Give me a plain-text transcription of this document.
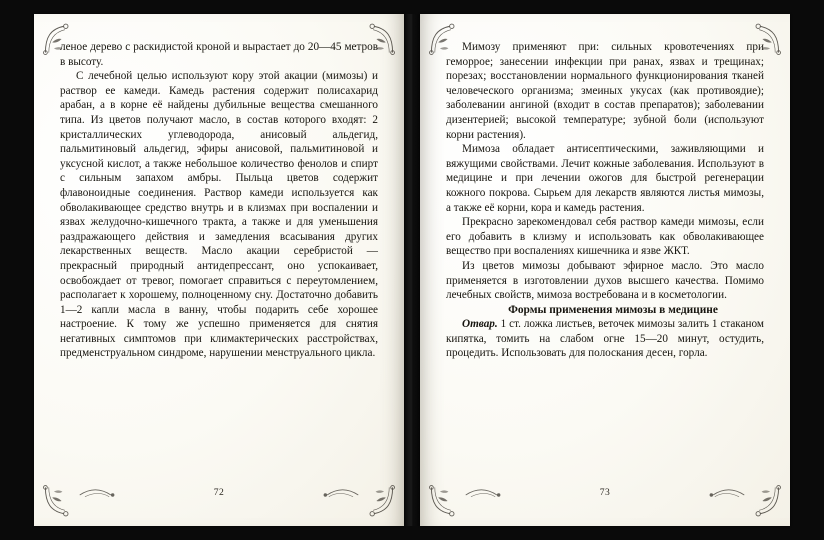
леное дерево с раскидистой кроной и вырастает до 20—45 метров в высоту.

С лечебной целью используют кору этой акации (мимозы) и раствор ее камеди. Камедь растения содержит полисахарид арабан, а в корне её найдены дубильные вещества смешанного типа. Из цветов получают масло, в состав которого входят: 2 кристаллических углеводорода, анисовый альдегид, пальмитиновый альдегид, эфиры анисовой, пальмитиновой и уксусной кислот, а также небольшое количество фенолов и спирт с сильным запахом амбры. Пыльца цветов содержит флавоноидные соединения. Раствор камеди используется как обволакивающее средство внутрь и в клизмах при воспалении и язвах желудочно-кишечного тракта, а также и для уменьшения раздражающего действия и замедления всасывания других лекарственных веществ. Масло акации серебристой — прекрасный природный антидепрессант, оно успокаивает, освобождает от тревог, помогает справиться с переутомлением, располагает к хорошему, полноценному сну. Достаточно добавить 1—2 капли масла в ванну, чтобы подарить себе хорошее настроение. К тому же успешно применяется для снятия негативных симптомов при климактерических расстройствах, предменструальном синдроме, нарушении менструального цикла.

72

Мимозу применяют при: сильных кровотечениях при геморрое; занесении инфекции при ранах, язвах и трещинах; порезах; восстановлении нормального функционирования тканей человеческого организма; змеиных укусах (как противоядие); заболевании ангиной (входит в состав препаратов); заболевании дизентерией; высокой температуре; зубной боли (используют корни растения).

Мимоза обладает антисептическими, заживляющими и вяжущими свойствами. Лечит кожные заболевания. Используют в медицине и при лечении ожогов для быстрой регенерации кожного покрова. Сырьем для лекарств являются листья мимозы, а также её корни, кора и камедь растения.

Прекрасно зарекомендовал себя раствор камеди мимозы, если его добавить в клизму и использовать как обволакивающее вещество при воспалениях кишечника и язве ЖКТ.

Из цветов мимозы добывают эфирное масло. Это масло применяется в изготовлении духов высшего качества. Помимо лечебных свойств, мимоза востребована и в косметологии.

Формы применения мимозы в медицине

Отвар. 1 ст. ложка листьев, веточек мимозы залить 1 стаканом кипятка, томить на слабом огне 15—20 минут, остудить, процедить. Использовать для полоскания десен, горла.

73
